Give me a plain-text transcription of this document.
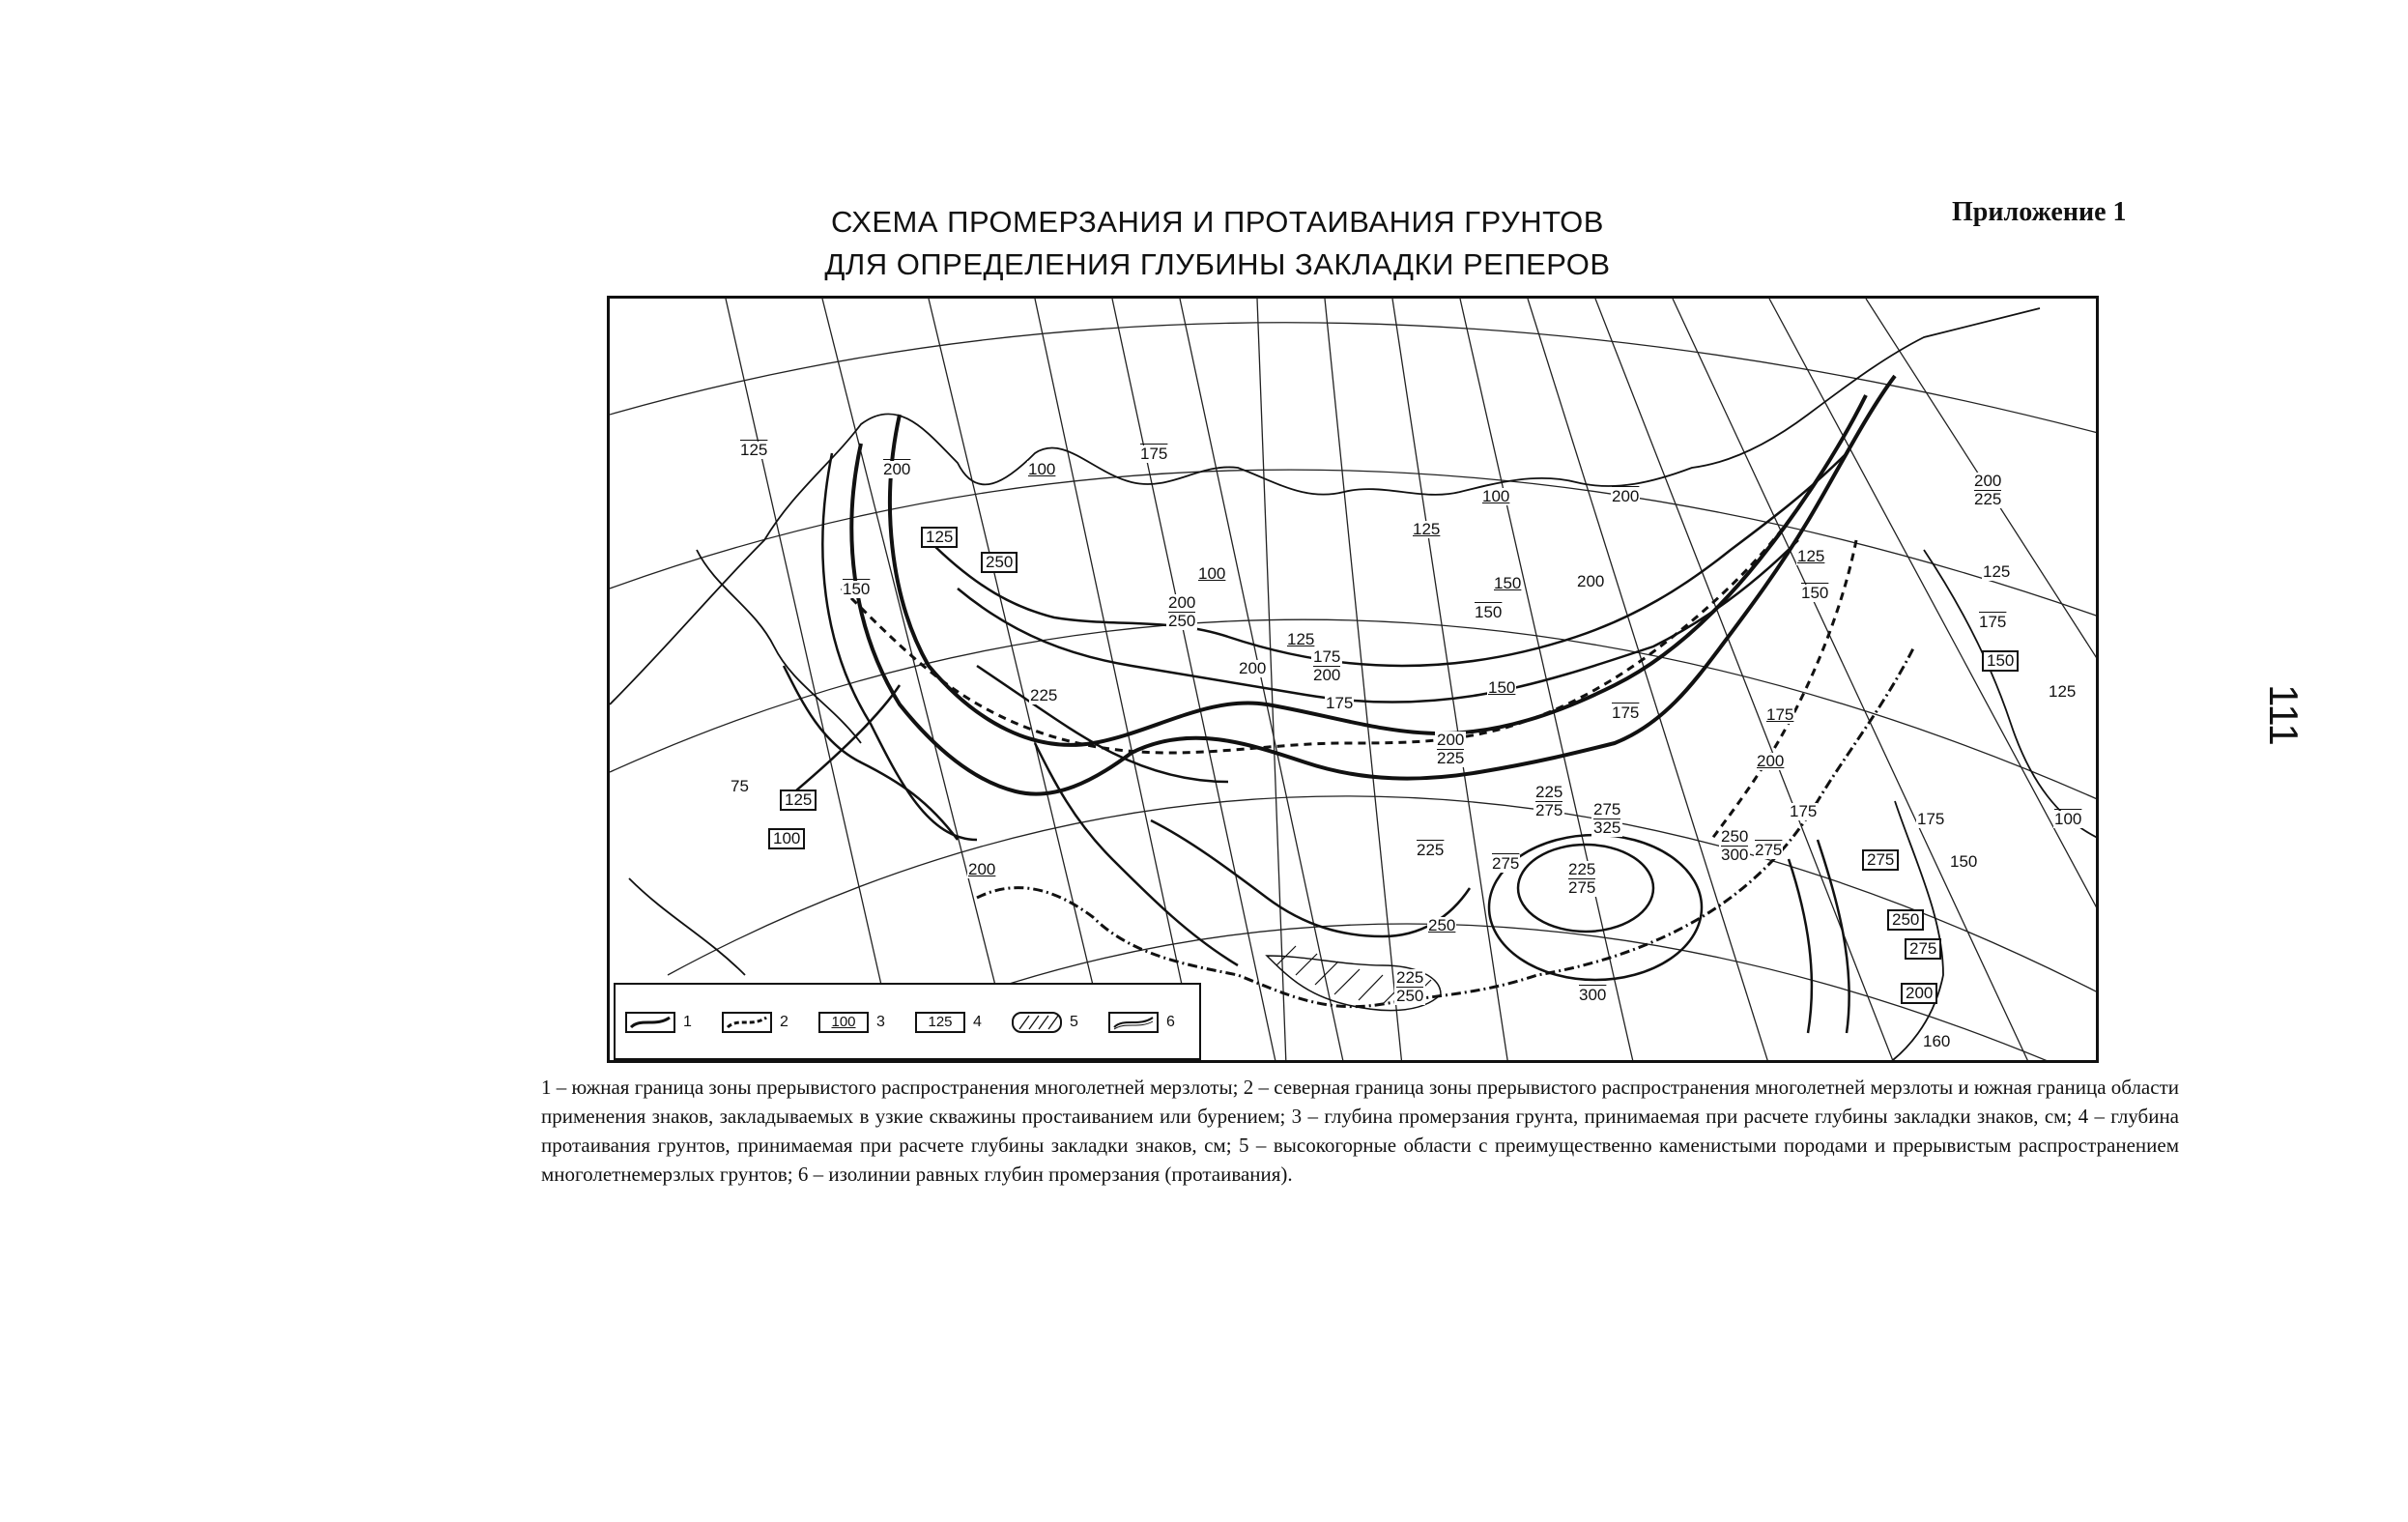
СХЕМА ПРОМЕРЗАНИЯ И ПРОТАИВАНИЯ ГРУНТОВ
ДЛЯ ОПРЕДЕЛЕНИЯ ГЛУБИНЫ ЗАКЛАДКИ РЕПЕРОВ
Приложение 1
111
125
200	100
175
100	200
125
150
250
100
125
225
125
150
200
150
125
200
150
175
175	175
200
150
150
175
125
125
75
125
100
200
175
225
275
250
275
300
175
275	150
100
250
275
200
160
$\frac{200}{225}$
$\frac{175}{200}$
$\frac{225}{275} \frac{275}{325}$
$\frac{250}{300}$
$\frac{225}{275}$
$\frac{225}{250}$
$\frac{200}{250}$
$\frac{200}{225}$
1	2	100	3	125	4	5	6
1 – южная граница зоны прерывистого распространения многолетней мерзлоты; 2 – северная граница зоны прерывистого распространения многолетней мерзлоты и южная граница области применения знаков, закладываемых в узкие скважины простаиванием или бурением; 3 – глубина промерзания грунта, принимаемая при расчете глубины закладки знаков, см; 4 – глубина протаивания грунтов, принимаемая при расчете глубины закладки знаков, см; 5 – высокогорные области с преимущественно каменистыми породами и прерывистым распространением многолетнемерзлых грунтов; 6 – изолинии равных глубин промерзания (протаивания).
